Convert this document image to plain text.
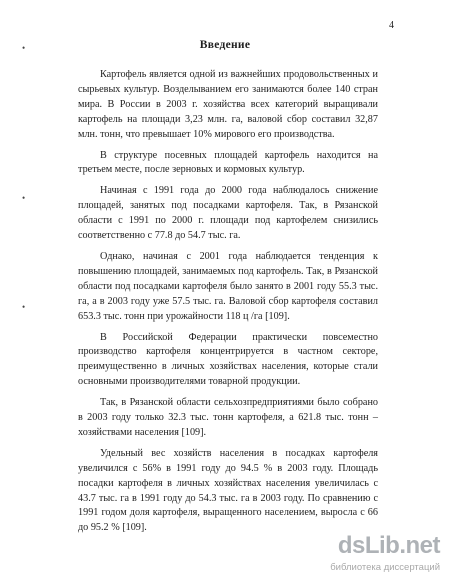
4
•
•
•
Введение

Картофель является одной из важнейших продовольственных и сырьевых культур. Возделыванием его занимаются более 140 стран мира. В России в 2003 г. хозяйства всех категорий выращивали картофель на площади 3,23 млн. га, валовой сбор составил 32,87 млн. тонн, что превышает 10% мирового его производства.

В структуре посевных площадей картофель находится на третьем месте, после зерновых и кормовых культур.

Начиная с 1991 года до 2000 года наблюдалось снижение площадей, занятых под посадками картофеля. Так, в Рязанской области с 1991 по 2000 г. площади под картофелем снизились соответственно с 77.8 до 54.7 тыс. га.

Однако, начиная с 2001 года наблюдается тенденция к повышению площадей, занимаемых под картофель. Так, в Рязанской области под посадками картофеля было занято в 2001 году 55.3 тыс. га, а в 2003 году уже 57.5 тыс. га. Валовой сбор картофеля составил 653.3 тыс. тонн при урожайности 118 ц /га [109].

В Российской Федерации практически повсеместно производство картофеля концентрируется в частном секторе, преимущественно в личных хозяйствах населения, которые стали основными производителями товарной продукции.

Так, в Рязанской области сельхозпредприятиями было собрано в 2003 году только 32.3 тыс. тонн картофеля, а 621.8 тыс. тонн – хозяйствами населения [109].

Удельный вес хозяйств населения в посадках картофеля увеличился с 56% в 1991 году до 94.5 % в 2003 году. Площадь посадки картофеля в личных хозяйствах населения увеличилась с 43.7 тыс. га в 1991 году до 54.3 тыс. га в 2003 году. По сравнению с 1991 годом доля картофеля, выращенного населением, выросла с 66 до 95.2 % [109].

dsLib.net
библиотека диссертаций
